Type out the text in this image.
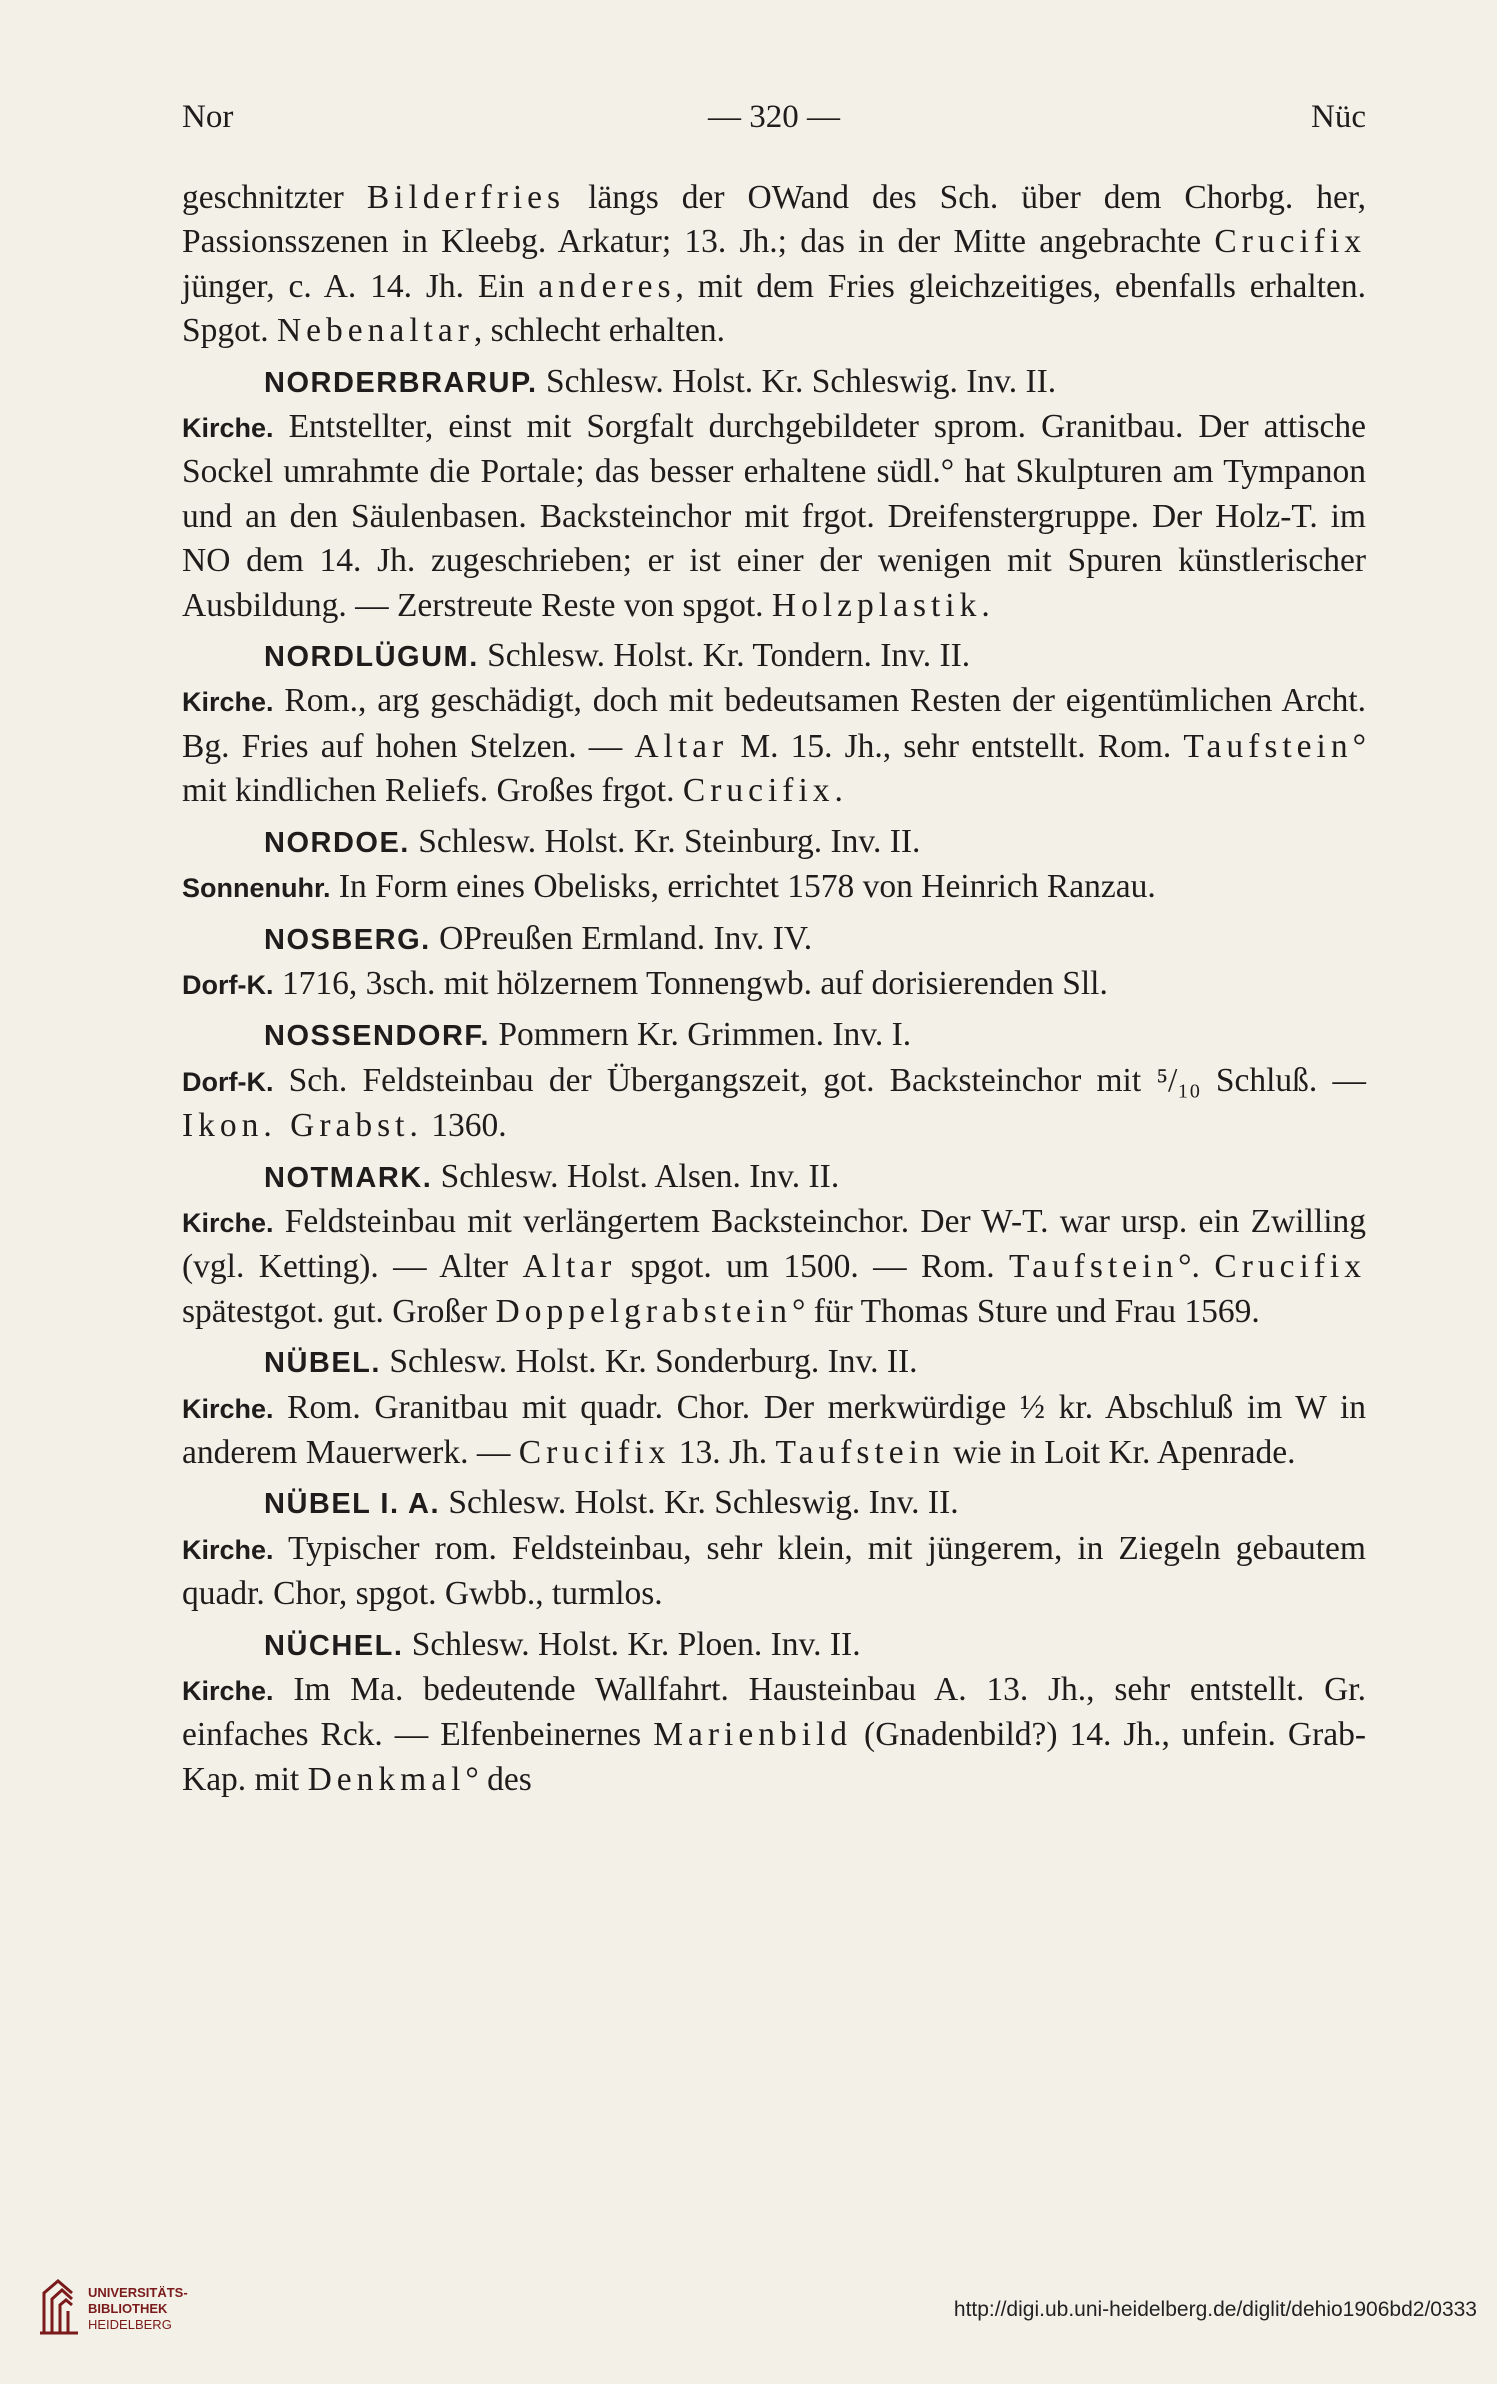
Nor	— 320 —	Nüc

geschnitzter Bilderfries längs der OWand des Sch. über dem Chorbg. her, Passionsszenen in Kleebg. Arkatur; 13. Jh.; das in der Mitte angebrachte Crucifix jünger, c. A. 14. Jh. Ein anderes, mit dem Fries gleichzeitiges, ebenfalls erhalten. Spgot. Nebenaltar, schlecht erhalten.

NORDERBRARUP. Schlesw. Holst. Kr. Schleswig. Inv. II.
Kirche. Entstellter, einst mit Sorgfalt durchgebildeter sprom. Granitbau. Der attische Sockel umrahmte die Portale; das besser erhaltene südl.° hat Skulpturen am Tympanon und an den Säulenbasen. Backsteinchor mit frgot. Dreifenstergruppe. Der Holz-T. im NO dem 14. Jh. zugeschrieben; er ist einer der wenigen mit Spuren künstlerischer Ausbildung. — Zerstreute Reste von spgot. Holzplastik.

NORDLÜGUM. Schlesw. Holst. Kr. Tondern. Inv. II.
Kirche. Rom., arg geschädigt, doch mit bedeutsamen Resten der eigentümlichen Archt. Bg. Fries auf hohen Stelzen. — Altar M. 15. Jh., sehr entstellt. Rom. Taufstein° mit kindlichen Reliefs. Großes frgot. Crucifix.

NORDOE. Schlesw. Holst. Kr. Steinburg. Inv. II.
Sonnenuhr. In Form eines Obelisks, errichtet 1578 von Heinrich Ranzau.

NOSBERG. OPreußen Ermland. Inv. IV.
Dorf-K. 1716, 3sch. mit hölzernem Tonnengwb. auf dorisierenden Sll.

NOSSENDORF. Pommern Kr. Grimmen. Inv. I.
Dorf-K. Sch. Feldsteinbau der Übergangszeit, got. Backsteinchor mit ⁵/₁₀ Schluß. — Ikon. Grabst. 1360.

NOTMARK. Schlesw. Holst. Alsen. Inv. II.
Kirche. Feldsteinbau mit verlängertem Backsteinchor. Der W-T. war ursp. ein Zwilling (vgl. Ketting). — Alter Altar spgot. um 1500. — Rom. Taufstein°. Crucifix spätestgot. gut. Großer Doppelgrabstein° für Thomas Sture und Frau 1569.

NÜBEL. Schlesw. Holst. Kr. Sonderburg. Inv. II.
Kirche. Rom. Granitbau mit quadr. Chor. Der merkwürdige ½ kr. Abschluß im W in anderem Mauerwerk. — Crucifix 13. Jh. Taufstein wie in Loit Kr. Apenrade.

NÜBEL I. A. Schlesw. Holst. Kr. Schleswig. Inv. II.
Kirche. Typischer rom. Feldsteinbau, sehr klein, mit jüngerem, in Ziegeln gebautem quadr. Chor, spgot. Gwbb., turmlos.

NÜCHEL. Schlesw. Holst. Kr. Ploen. Inv. II.
Kirche. Im Ma. bedeutende Wallfahrt. Hausteinbau A. 13. Jh., sehr entstellt. Gr. einfaches Rck. — Elfenbeinernes Marienbild (Gnadenbild?) 14. Jh., unfein. Grab-Kap. mit Denkmal° des

UNIVERSITÄTS-
BIBLIOTHEK
HEIDELBERG
http://digi.ub.uni-heidelberg.de/diglit/dehio1906bd2/0333
